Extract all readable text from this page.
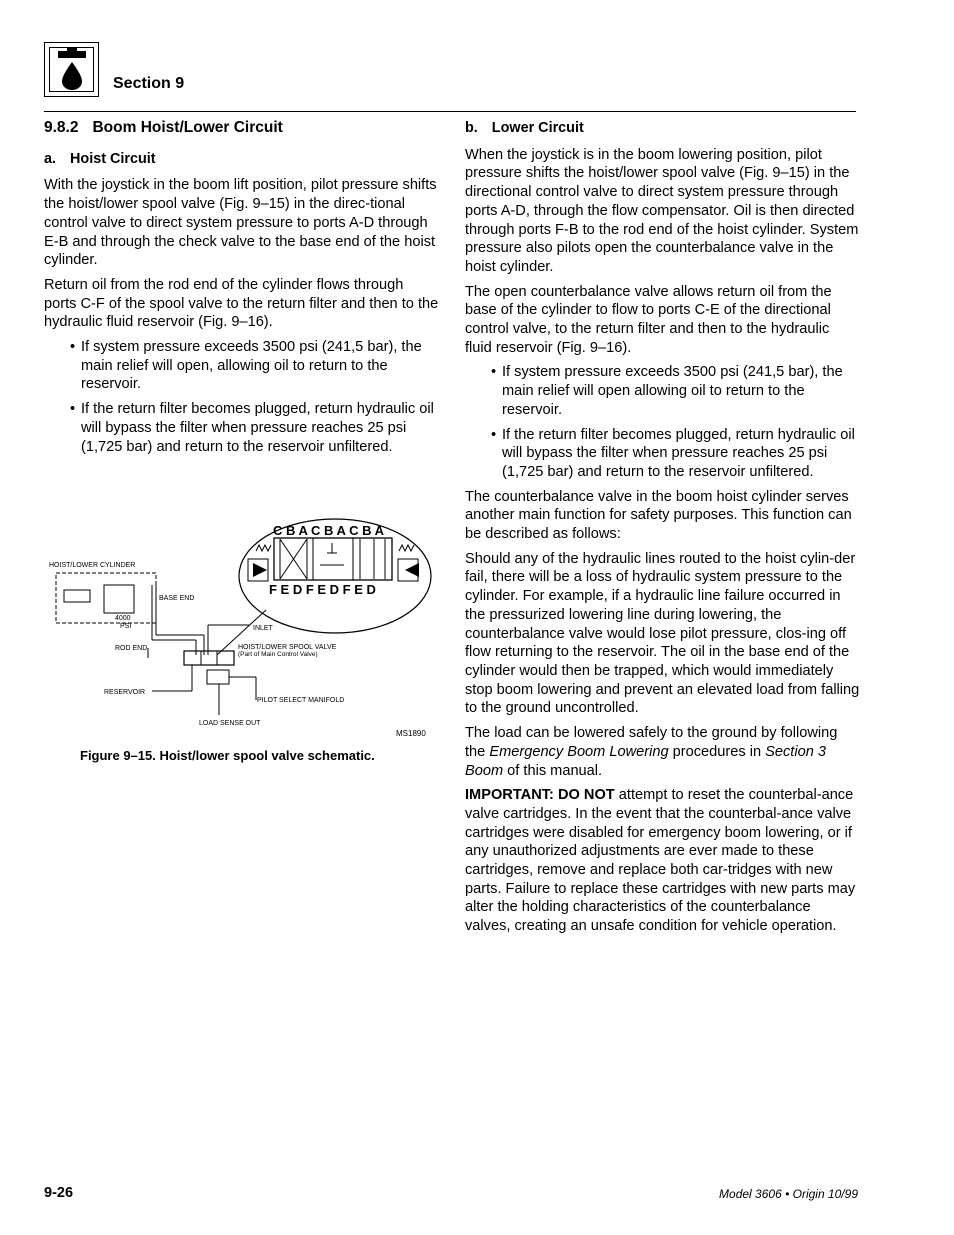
Section 9
9.8.2 Boom Hoist/Lower Circuit
a. Hoist Circuit

With the joystick in the boom lift position, pilot pressure shifts the hoist/lower spool valve (Fig. 9–15) in the direc-tional control valve to direct system pressure to ports A-D through E-B and through the check valve to the base end of the hoist cylinder.

Return oil from the rod end of the cylinder flows through ports C-F of the spool valve to the return filter and then to the hydraulic fluid reservoir (Fig. 9–16).

• If system pressure exceeds 3500 psi (241,5 bar), the main relief will open, allowing oil to return to the reservoir.
• If the return filter becomes plugged, return hydraulic oil will bypass the filter when pressure reaches 25 psi (1,725 bar) and return to the reservoir unfiltered.
C B A C B A C B A
F E D F E D F E D
HOIST/LOWER CYLINDER
4000
PSI
BASE END
INLET
ROD END	HOIST/LOWER SPOOL VALVE
(Part of Main Control Valve)
RESERVOIR
PILOT SELECT MANIFOLD
LOAD SENSE OUT
MS1890
Figure 9–15. Hoist/lower spool valve schematic.
b. Lower Circuit

When the joystick is in the boom lowering position, pilot pressure shifts the hoist/lower spool valve (Fig. 9–15) in the directional control valve to direct system pressure through ports A-D, through the flow compensator. Oil is then directed through ports F-B to the rod end of the hoist cylinder. System pressure also pilots open the counterbalance valve in the hoist cylinder.

The open counterbalance valve allows return oil from the base of the cylinder to flow to ports C-E of the directional control valve, to the return filter and then to the hydraulic fluid reservoir (Fig. 9–16).

• If system pressure exceeds 3500 psi (241,5 bar), the main relief will open allowing oil to return to the reservoir.
• If the return filter becomes plugged, return hydraulic oil will bypass the filter when pressure reaches 25 psi (1,725 bar) and return to the reservoir unfiltered.

The counterbalance valve in the boom hoist cylinder serves another main function for safety purposes. This function can be described as follows:

Should any of the hydraulic lines routed to the hoist cylin-der fail, there will be a loss of hydraulic system pressure to the cylinder. For example, if a hydraulic line failure occurred in the pressurized lowering line during lowering, the counterbalance valve would lose pilot pressure, clos-ing off flow returning to the reservoir. The oil in the base end of the cylinder would then be trapped, which would immediately stop boom lowering and prevent an elevated load from falling to the ground uncontrolled.

The load can be lowered safely to the ground by following the Emergency Boom Lowering procedures in Section 3 Boom of this manual.

IMPORTANT: DO NOT attempt to reset the counterbal-ance valve cartridges. In the event that the counterbal-ance valve cartridges were disabled for emergency boom lowering, or if any unauthorized adjustments are ever made to these cartridges, remove and replace both car-tridges with new parts. Failure to replace these cartridges with new parts may alter the holding characteristics of the counterbalance valves, creating an unsafe condition for vehicle operation.

9-26	Model 3606 • Origin 10/99
